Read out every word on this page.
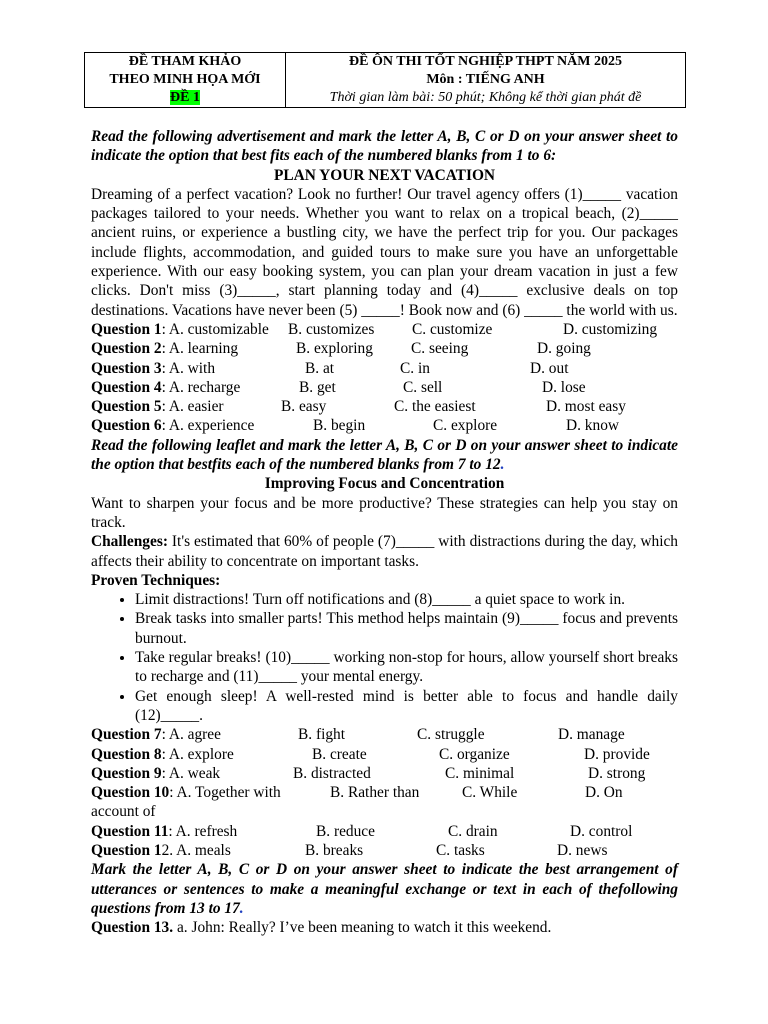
ĐỀ THAM KHẢO
THEO MINH HỌA MỚI
ĐỀ 1

ĐỀ ÔN THI TỐT NGHIỆP THPT NĂM 2025
Môn : TIẾNG ANH
Thời gian làm bài: 50 phút; Không kể thời gian phát đề

Read the following advertisement and mark the letter A, B, C or D on your answer sheet to indicate the option that best fits each of the numbered blanks from 1 to 6:

PLAN YOUR NEXT VACATION

Dreaming of a perfect vacation? Look no further! Our travel agency offers (1)_____ vacation packages tailored to your needs. Whether you want to relax on a tropical beach, (2)_____ ancient ruins, or experience a bustling city, we have the perfect trip for you. Our packages include flights, accommodation, and guided tours to make sure you have an unforgettable experience. With our easy booking system, you can plan your dream vacation in just a few clicks. Don't miss (3)_____, start planning today and (4)_____ exclusive deals on top destinations. Vacations have never been (5) _____! Book now and (6) _____ the world with us.

Question 1: A. customizable B. customizes C. customize	D. customizing
Question 2: A. learning	B. exploring C. seeing	D. going
Question 3: A. with	B. at	C. in	D. out
Question 4: A. recharge	B. get	C. sell	D. lose
Question 5: A. easier	B. easy	C. the easiest	D. most easy
Question 6: A. experience	B. begin	C. explore	D. know

Read the following leaflet and mark the letter A, B, C or D on your answer sheet to indicate the option that bestfits each of the numbered blanks from 7 to 12.

Improving Focus and Concentration

Want to sharpen your focus and be more productive? These strategies can help you stay on track.

Challenges: It's estimated that 60% of people (7)_____ with distractions during the day, which affects their ability to concentrate on important tasks.

Proven Techniques:

• Limit distractions! Turn off notifications and (8)_____ a quiet space to work in.
• Break tasks into smaller parts! This method helps maintain (9)_____ focus and prevents burnout.
• Take regular breaks! (10)_____ working non-stop for hours, allow yourself short breaks to recharge and (11)_____ your mental energy.
• Get enough sleep! A well-rested mind is better able to focus and handle daily (12)_____.
Question 7: A. agree	B. fight	C. struggle	D. manage
Question 8: A. explore	B. create	C. organize	D. provide
Question 9: A. weak	B. distracted	C. minimal	D. strong
Question 10: A. Together with	B. Rather than	C. While	D. On

account of

Question 11: A. refresh	B. reduce	C. drain	D. control
Question 12. A. meals	B. breaks	C. tasks	D. news

Mark the letter A, B, C or D on your answer sheet to indicate the best arrangement of utterances or sentences to make a meaningful exchange or text in each of thefollowing questions from 13 to 17.

Question 13. a. John: Really? I’ve been meaning to watch it this weekend.
